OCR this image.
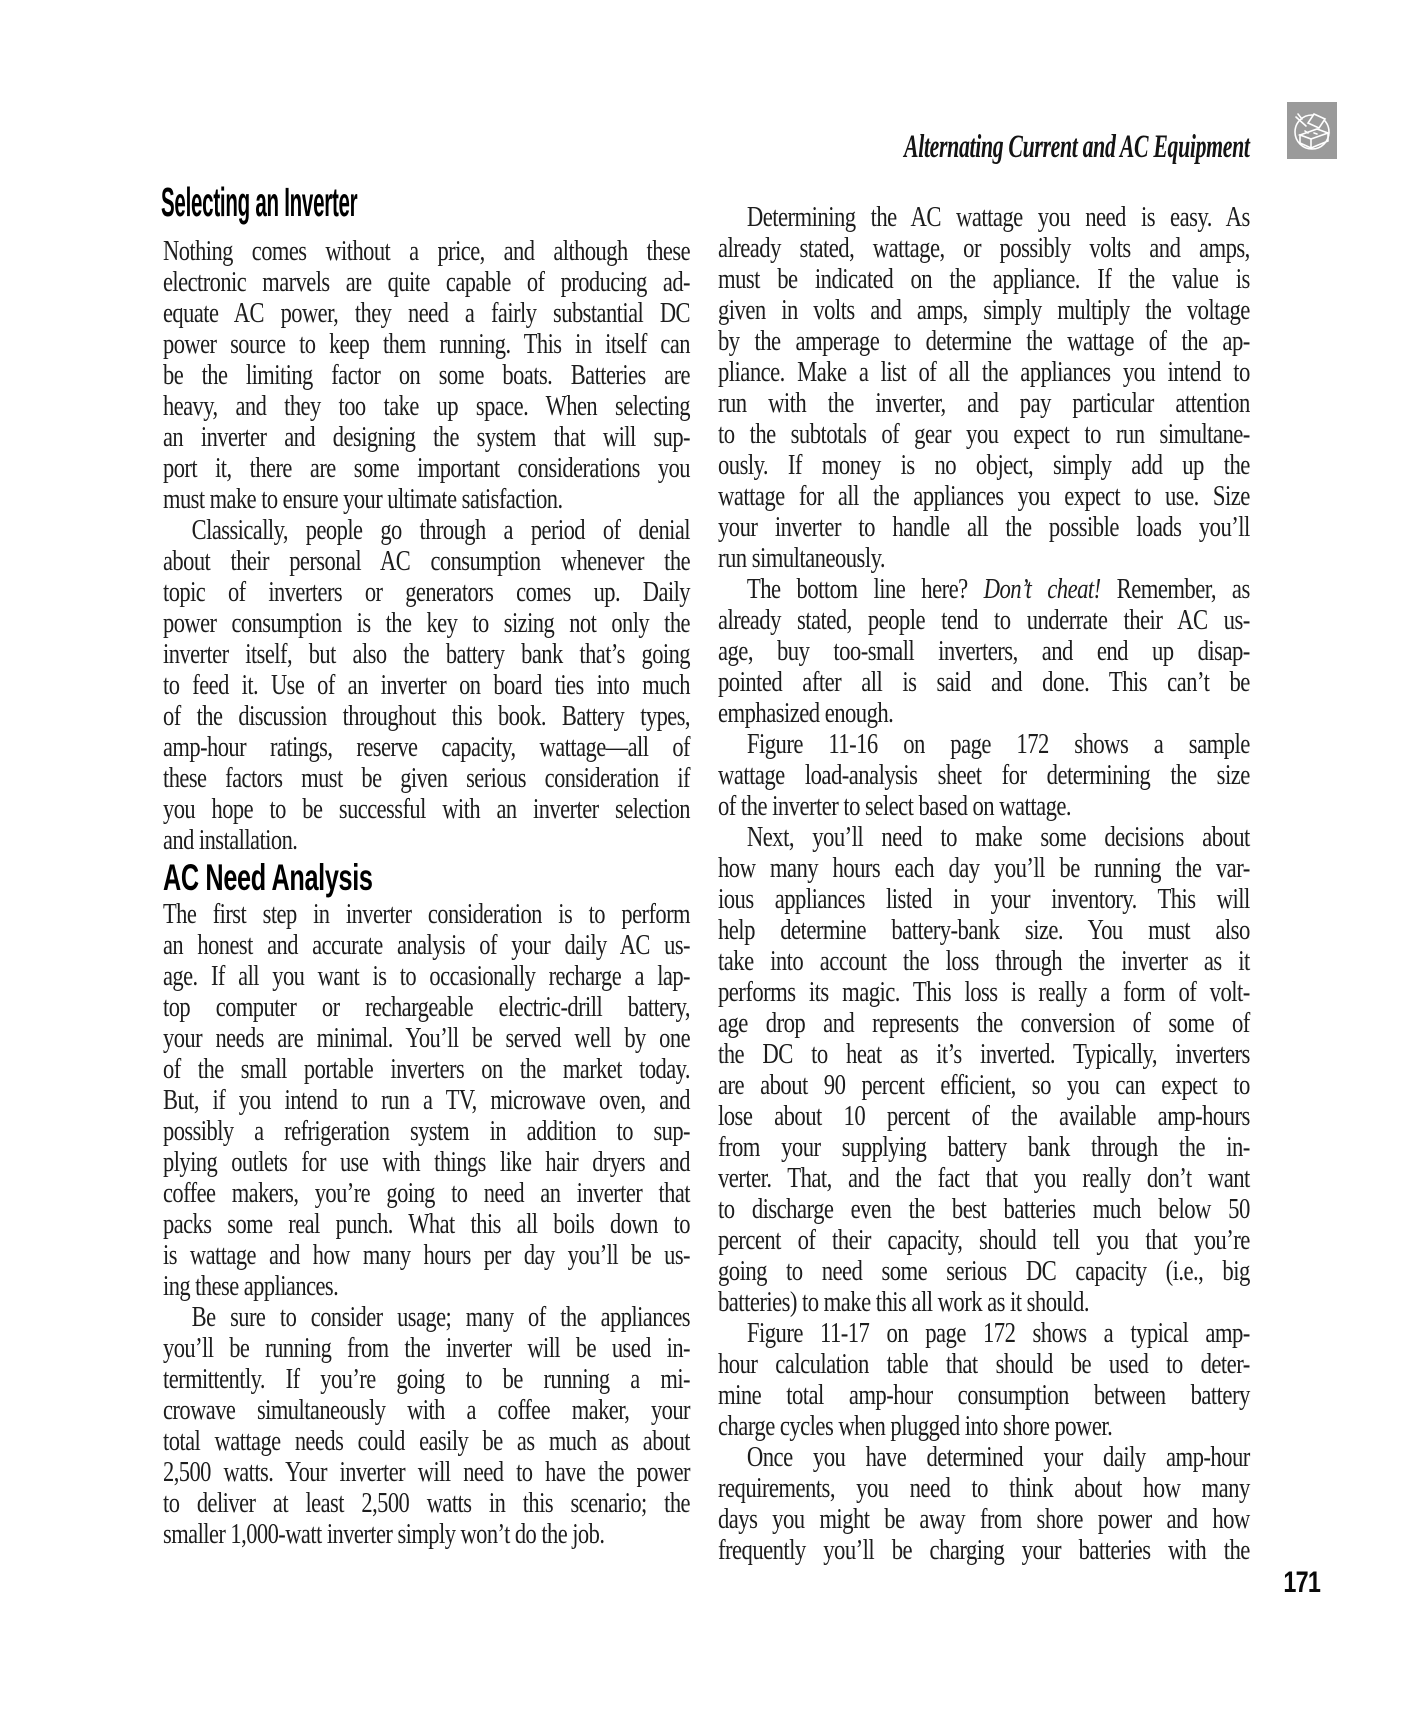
Alternating Current and AC Equipment
Selecting an Inverter
Nothing comes without a price, and although these
electronic marvels are quite capable of producing ad-
equate AC power, they need a fairly substantial DC
power source to keep them running. This in itself can
be the limiting factor on some boats. Batteries are
heavy, and they too take up space. When selecting
an inverter and designing the system that will sup-
port it, there are some important considerations you
must make to ensure your ultimate satisfaction.
Classically, people go through a period of denial
about their personal AC consumption whenever the
topic of inverters or generators comes up. Daily
power consumption is the key to sizing not only the
inverter itself, but also the battery bank that’s going
to feed it. Use of an inverter on board ties into much
of the discussion throughout this book. Battery types,
amp-hour ratings, reserve capacity, wattage—all of
these factors must be given serious consideration if
you hope to be successful with an inverter selection
and installation.
AC Need Analysis
The first step in inverter consideration is to perform
an honest and accurate analysis of your daily AC us-
age. If all you want is to occasionally recharge a lap-
top computer or rechargeable electric-drill battery,
your needs are minimal. You’ll be served well by one
of the small portable inverters on the market today.
But, if you intend to run a TV, microwave oven, and
possibly a refrigeration system in addition to sup-
plying outlets for use with things like hair dryers and
coffee makers, you’re going to need an inverter that
packs some real punch. What this all boils down to
is wattage and how many hours per day you’ll be us-
ing these appliances.
Be sure to consider usage; many of the appliances
you’ll be running from the inverter will be used in-
termittently. If you’re going to be running a mi-
crowave simultaneously with a coffee maker, your
total wattage needs could easily be as much as about
2,500 watts. Your inverter will need to have the power
to deliver at least 2,500 watts in this scenario; the
smaller 1,000-watt inverter simply won’t do the job.
Determining the AC wattage you need is easy. As
already stated, wattage, or possibly volts and amps,
must be indicated on the appliance. If the value is
given in volts and amps, simply multiply the voltage
by the amperage to determine the wattage of the ap-
pliance. Make a list of all the appliances you intend to
run with the inverter, and pay particular attention
to the subtotals of gear you expect to run simultane-
ously. If money is no object, simply add up the
wattage for all the appliances you expect to use. Size
your inverter to handle all the possible loads you’ll
run simultaneously.
The bottom line here? Don’t cheat! Remember, as
already stated, people tend to underrate their AC us-
age, buy too-small inverters, and end up disap-
pointed after all is said and done. This can’t be
emphasized enough.
Figure 11-16 on page 172 shows a sample
wattage load-analysis sheet for determining the size
of the inverter to select based on wattage.
Next, you’ll need to make some decisions about
how many hours each day you’ll be running the var-
ious appliances listed in your inventory. This will
help determine battery-bank size. You must also
take into account the loss through the inverter as it
performs its magic. This loss is really a form of volt-
age drop and represents the conversion of some of
the DC to heat as it’s inverted. Typically, inverters
are about 90 percent efficient, so you can expect to
lose about 10 percent of the available amp-hours
from your supplying battery bank through the in-
verter. That, and the fact that you really don’t want
to discharge even the best batteries much below 50
percent of their capacity, should tell you that you’re
going to need some serious DC capacity (i.e., big
batteries) to make this all work as it should.
Figure 11-17 on page 172 shows a typical amp-
hour calculation table that should be used to deter-
mine total amp-hour consumption between battery
charge cycles when plugged into shore power.
Once you have determined your daily amp-hour
requirements, you need to think about how many
days you might be away from shore power and how
frequently you’ll be charging your batteries with the
171
